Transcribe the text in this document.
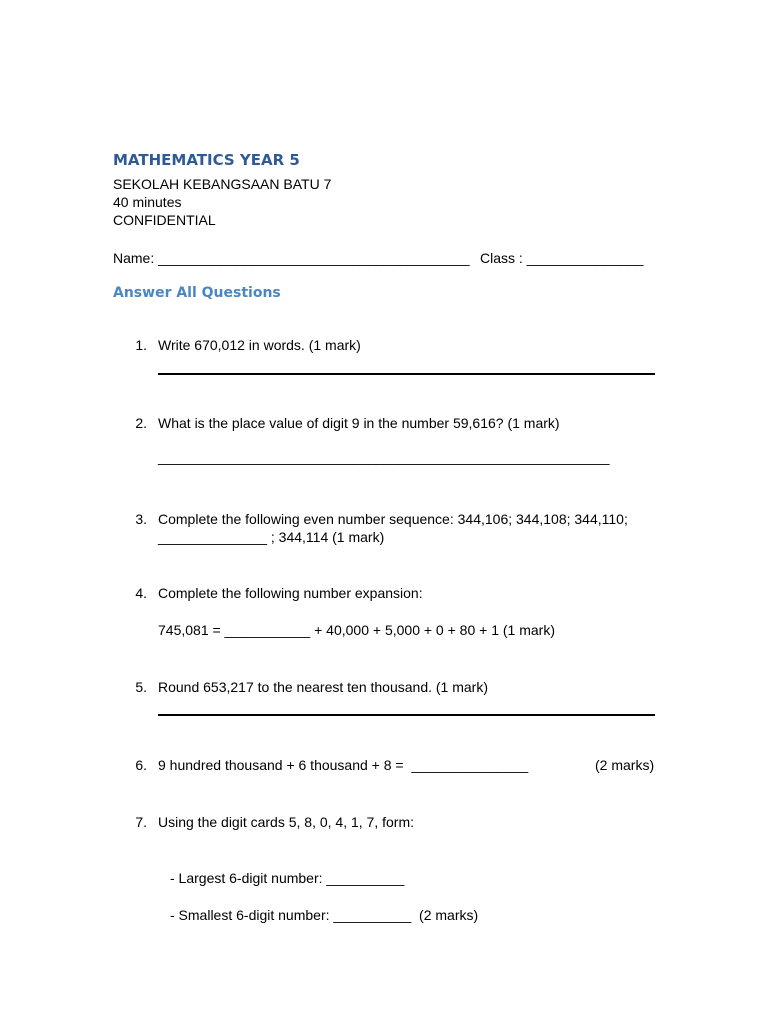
MATHEMATICS YEAR 5
SEKOLAH KEBANGSAAN BATU 7
40 minutes
CONFIDENTIAL
Name: ________________________________________ Class : _______________
Answer All Questions
1. Write 670,012 in words. (1 mark)
2. What is the place value of digit 9 in the number 59,616? (1 mark)
__________________________________________________________
3. Complete the following even number sequence: 344,106; 344,108; 344,110;
______________ ; 344,114 (1 mark)
4. Complete the following number expansion:
745,081 = ___________ + 40,000 + 5,000 + 0 + 80 + 1 (1 mark)
5. Round 653,217 to the nearest ten thousand. (1 mark)
6. 9 hundred thousand + 6 thousand + 8 =  _______________	(2 marks)
7. Using the digit cards 5, 8, 0, 4, 1, 7, form:
- Largest 6-digit number: __________
- Smallest 6-digit number: __________  (2 marks)
